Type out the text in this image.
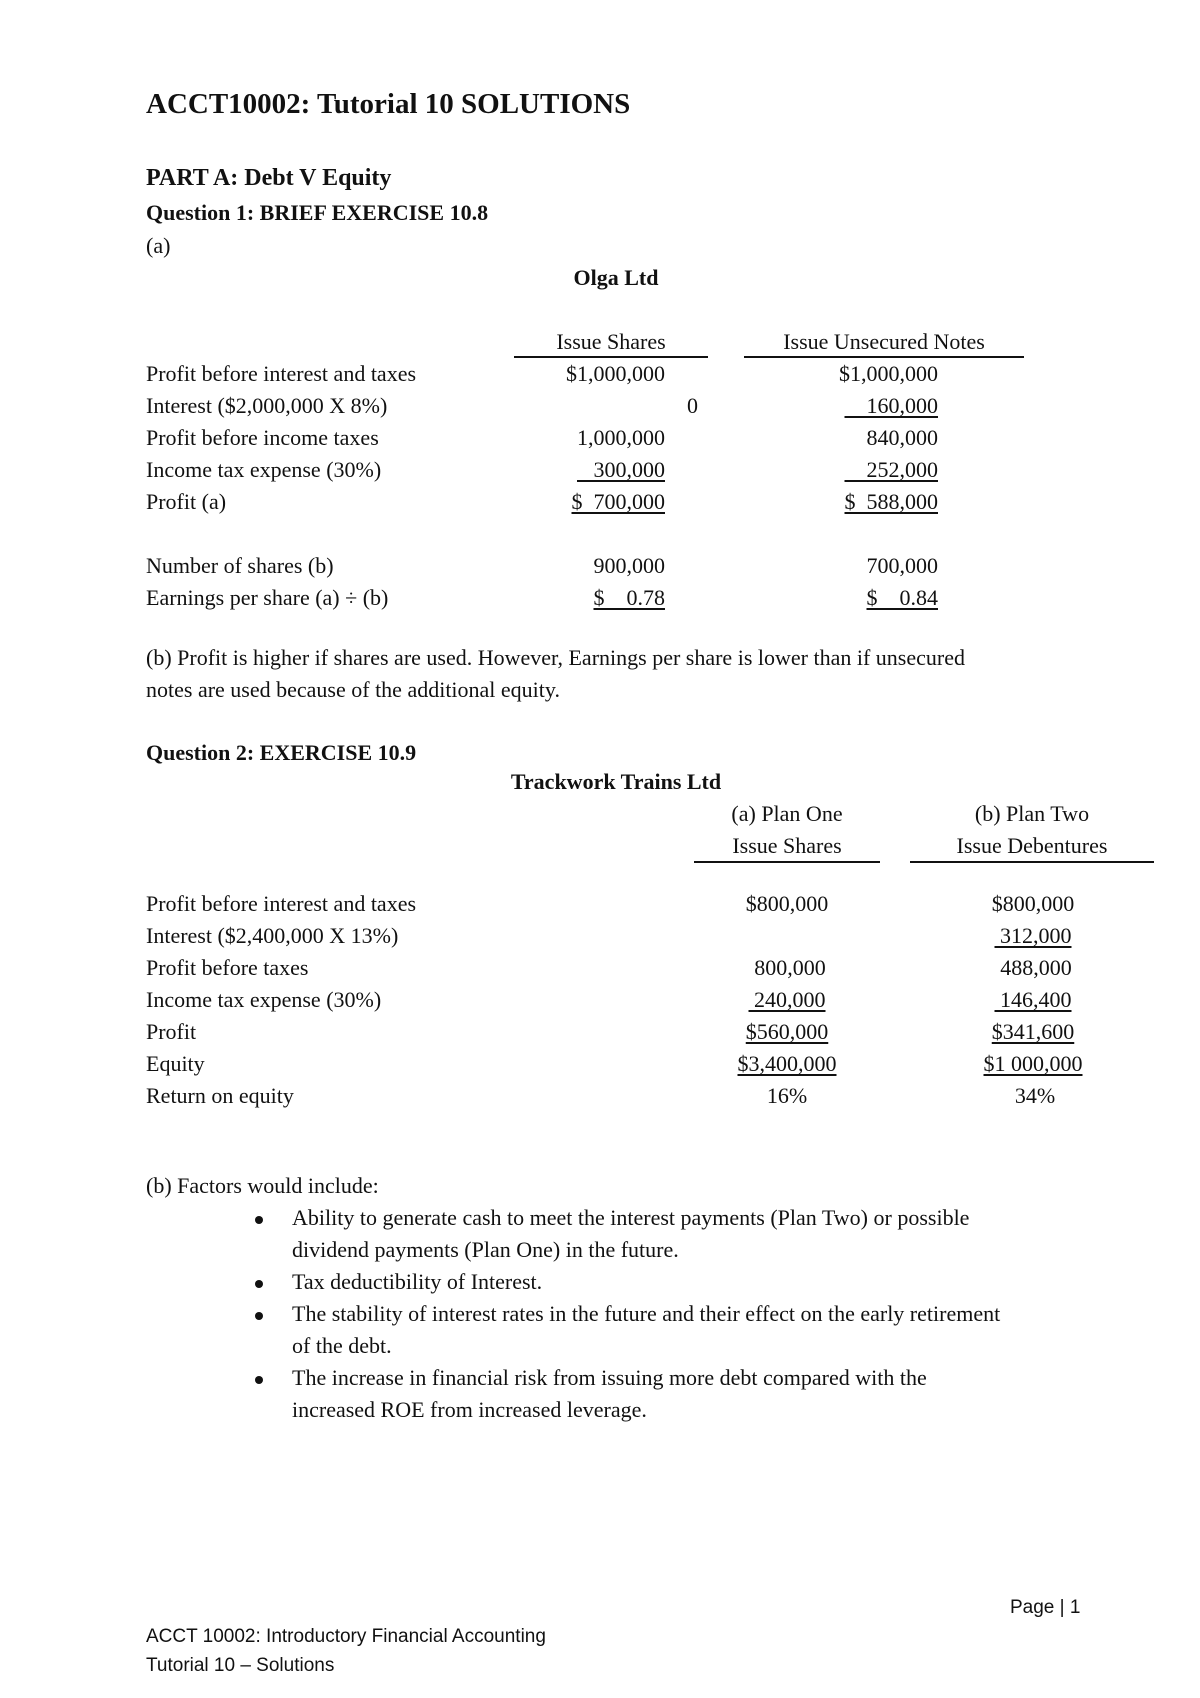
ACCT10002: Tutorial 10 SOLUTIONS
PART A: Debt V Equity
Question 1: BRIEF EXERCISE 10.8
(a)
Olga Ltd
Issue Shares	Issue Unsecured Notes
Profit before interest and taxes
Interest ($2,000,000 X 8%)
Profit before income taxes
Income tax expense (30%)
Profit (a)
Number of shares (b)
Earnings per share (a) ÷ (b)
$1,000,000
0
1,000,000
300,000
$ 700,000
900,000
$ 0.78
$1,000,000
160,000
840,000
252,000
$ 588,000
700,000
$ 0.84
(b) Profit is higher if shares are used. However, Earnings per share is lower than if unsecured
notes are used because of the additional equity.
Question 2: EXERCISE 10.9
Trackwork Trains Ltd
(a) Plan One
Issue Shares
(b) Plan Two
Issue Debentures
Profit before interest and taxes
Interest ($2,400,000 X 13%)
Profit before taxes
Income tax expense (30%)
Profit
Equity
Return on equity
$800,000
800,000
240,000
$560,000
$3,400,000
16%
$800,000
312,000
488,000
146,400
$341,600
$1 000,000
34%
(b) Factors would include:
Ability to generate cash to meet the interest payments (Plan Two) or possible
dividend payments (Plan One) in the future.
Tax deductibility of Interest.
The stability of interest rates in the future and their effect on the early retirement
of the debt.
The increase in financial risk from issuing more debt compared with the
increased ROE from increased leverage.
Page | 1
ACCT 10002: Introductory Financial Accounting
Tutorial 10 – Solutions
